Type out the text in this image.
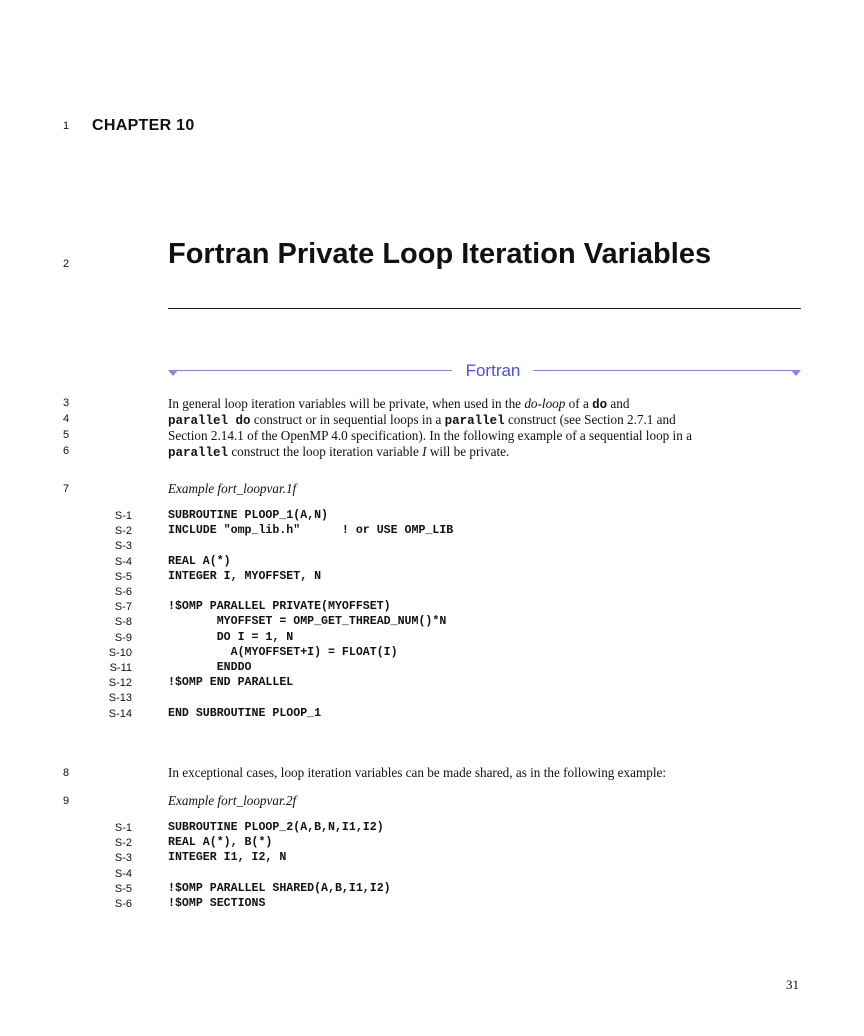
1	CHAPTER 10
2	Fortran Private Loop Iteration Variables
Fortran
3	In general loop iteration variables will be private, when used in the do-loop of a do and
4	parallel do construct or in sequential loops in a parallel construct (see Section 2.7.1 and
5	Section 2.14.1 of the OpenMP 4.0 specification). In the following example of a sequential loop in a
6	parallel construct the loop iteration variable I will be private.
7	Example fort_loopvar.1f
S-1	SUBROUTINE PLOOP_1(A,N)
S-2	INCLUDE "omp_lib.h"      ! or USE OMP_LIB
S-3
S-4	REAL A(*)
S-5	INTEGER I, MYOFFSET, N
S-6
S-7	!$OMP PARALLEL PRIVATE(MYOFFSET)
S-8	MYOFFSET = OMP_GET_THREAD_NUM()*N
S-9	DO I = 1, N
S-10	A(MYOFFSET+I) = FLOAT(I)
S-11	ENDDO
S-12	!$OMP END PARALLEL
S-13
S-14	END SUBROUTINE PLOOP_1
8	In exceptional cases, loop iteration variables can be made shared, as in the following example:
9	Example fort_loopvar.2f
S-1	SUBROUTINE PLOOP_2(A,B,N,I1,I2)
S-2	REAL A(*), B(*)
S-3	INTEGER I1, I2, N
S-4
S-5	!$OMP PARALLEL SHARED(A,B,I1,I2)
S-6	!$OMP SECTIONS
31
